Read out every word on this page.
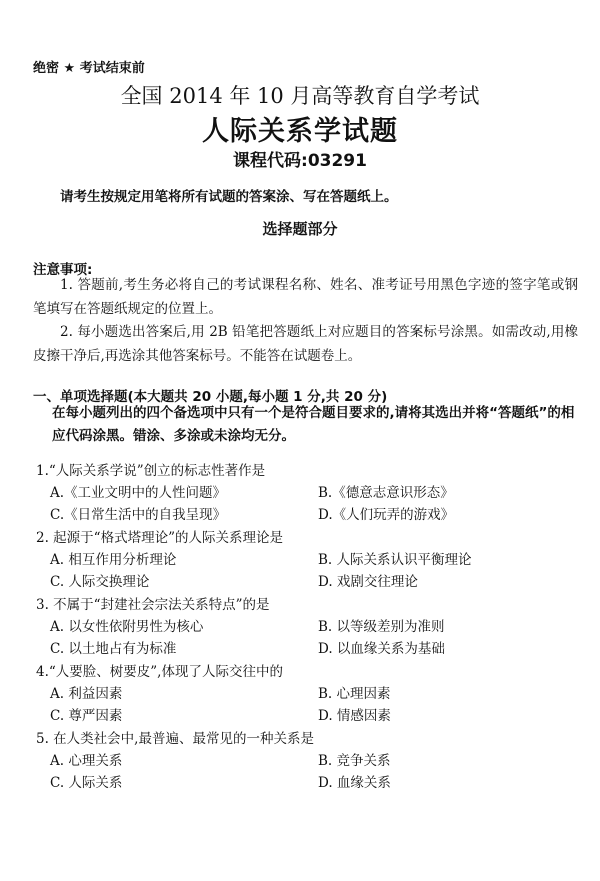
绝密 ★ 考试结束前
全国 2014 年 10 月高等教育自学考试
人际关系学试题
课程代码:03291
请考生按规定用笔将所有试题的答案涂、写在答题纸上。
选择题部分
注意事项:
1. 答题前,考生务必将自己的考试课程名称、姓名、准考证号用黑色字迹的签字笔或钢笔填写在答题纸规定的位置上。
2. 每小题选出答案后,用 2B 铅笔把答题纸上对应题目的答案标号涂黑。如需改动,用橡皮擦干净后,再选涂其他答案标号。不能答在试题卷上。
一、单项选择题(本大题共 20 小题,每小题 1 分,共 20 分)
在每小题列出的四个备选项中只有一个是符合题目要求的,请将其选出并将“答题纸”的相应代码涂黑。错涂、多涂或未涂均无分。
1.“人际关系学说”创立的标志性著作是
A.《工业文明中的人性问题》	B.《德意志意识形态》
C.《日常生活中的自我呈现》	D.《人们玩弄的游戏》
2. 起源于“格式塔理论”的人际关系理论是
A. 相互作用分析理论	B. 人际关系认识平衡理论
C. 人际交换理论	D. 戏剧交往理论
3. 不属于“封建社会宗法关系特点”的是
A. 以女性依附男性为核心	B. 以等级差别为准则
C. 以土地占有为标准	D. 以血缘关系为基础
4.“人要脸、树要皮”,体现了人际交往中的
A. 利益因素	B. 心理因素
C. 尊严因素	D. 情感因素
5. 在人类社会中,最普遍、最常见的一种关系是
A. 心理关系	B. 竞争关系
C. 人际关系	D. 血缘关系
